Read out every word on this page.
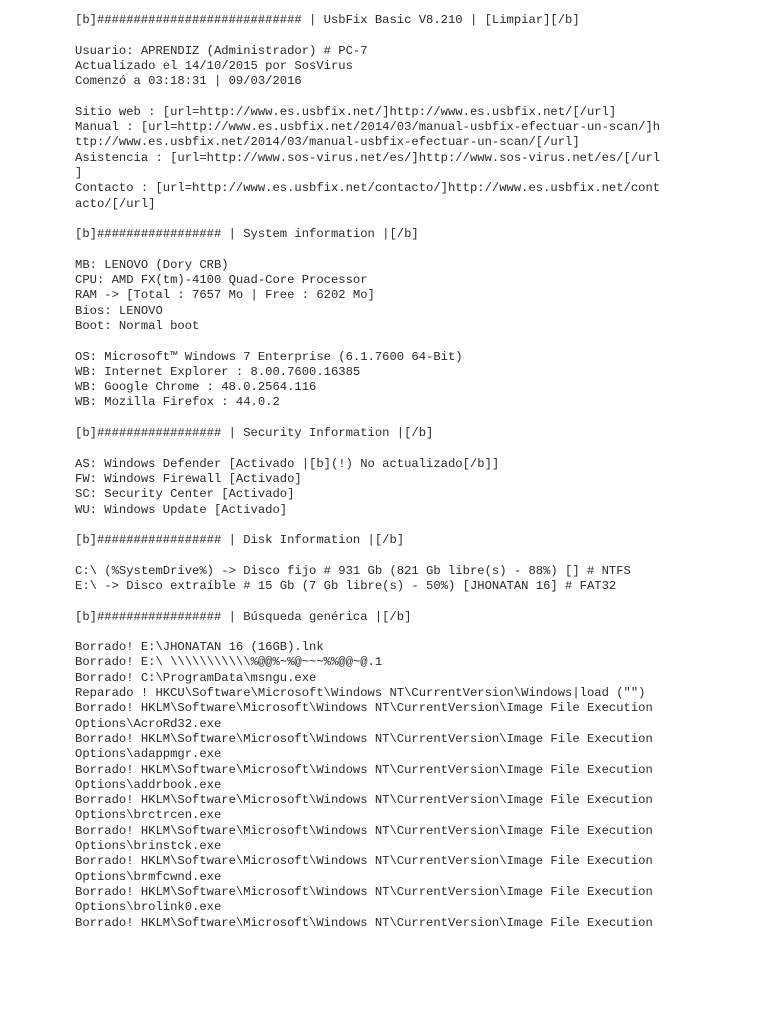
[b]############################ | UsbFix Basic V8.210 | [Limpiar][/b]
Usuario: APRENDIZ (Administrador) # PC-7
Actualizado el 14/10/2015 por SosVirus
Comenzó a 03:18:31 | 09/03/2016
Sitio web : [url=http://www.es.usbfix.net/]http://www.es.usbfix.net/[/url]
Manual : [url=http://www.es.usbfix.net/2014/03/manual-usbfix-efectuar-un-scan/]h
ttp://www.es.usbfix.net/2014/03/manual-usbfix-efectuar-un-scan/[/url]
Asistencia : [url=http://www.sos-virus.net/es/]http://www.sos-virus.net/es/[/url
]
Contacto : [url=http://www.es.usbfix.net/contacto/]http://www.es.usbfix.net/cont
acto/[/url]
[b]################# | System information |[/b]
MB: LENOVO (Dory CRB)
CPU: AMD FX(tm)-4100 Quad-Core Processor
RAM -> [Total : 7657 Mo | Free : 6202 Mo]
Bios: LENOVO
Boot: Normal boot
OS: Microsoft™ Windows 7 Enterprise (6.1.7600 64-Bit)
WB: Internet Explorer : 8.00.7600.16385
WB: Google Chrome : 48.0.2564.116
WB: Mozilla Firefox : 44.0.2
[b]################# | Security Information |[/b]
AS: Windows Defender [Activado |[b](!) No actualizado[/b]]
FW: Windows Firewall [Activado]
SC: Security Center [Activado]
WU: Windows Update [Activado]
[b]################# | Disk Information |[/b]
C:\ (%SystemDrive%) -> Disco fijo # 931 Gb (821 Gb libre(s) - 88%) [] # NTFS
E:\ -> Disco extraíble # 15 Gb (7 Gb libre(s) - 50%) [JHONATAN 16] # FAT32
[b]################# | Búsqueda genérica |[/b]
Borrado! E:\JHONATAN 16 (16GB).lnk
Borrado! E:\ \\\\\\\\\\\%@@%~%@~~~%%@@~@.1
Borrado! C:\ProgramData\msngu.exe
Reparado ! HKCU\Software\Microsoft\Windows NT\CurrentVersion\Windows|load ("")
Borrado! HKLM\Software\Microsoft\Windows NT\CurrentVersion\Image File Execution
Options\AcroRd32.exe
Borrado! HKLM\Software\Microsoft\Windows NT\CurrentVersion\Image File Execution
Options\adappmgr.exe
Borrado! HKLM\Software\Microsoft\Windows NT\CurrentVersion\Image File Execution
Options\addrbook.exe
Borrado! HKLM\Software\Microsoft\Windows NT\CurrentVersion\Image File Execution
Options\brctrcen.exe
Borrado! HKLM\Software\Microsoft\Windows NT\CurrentVersion\Image File Execution
Options\brinstck.exe
Borrado! HKLM\Software\Microsoft\Windows NT\CurrentVersion\Image File Execution
Options\brmfcwnd.exe
Borrado! HKLM\Software\Microsoft\Windows NT\CurrentVersion\Image File Execution
Options\brolink0.exe
Borrado! HKLM\Software\Microsoft\Windows NT\CurrentVersion\Image File Execution
